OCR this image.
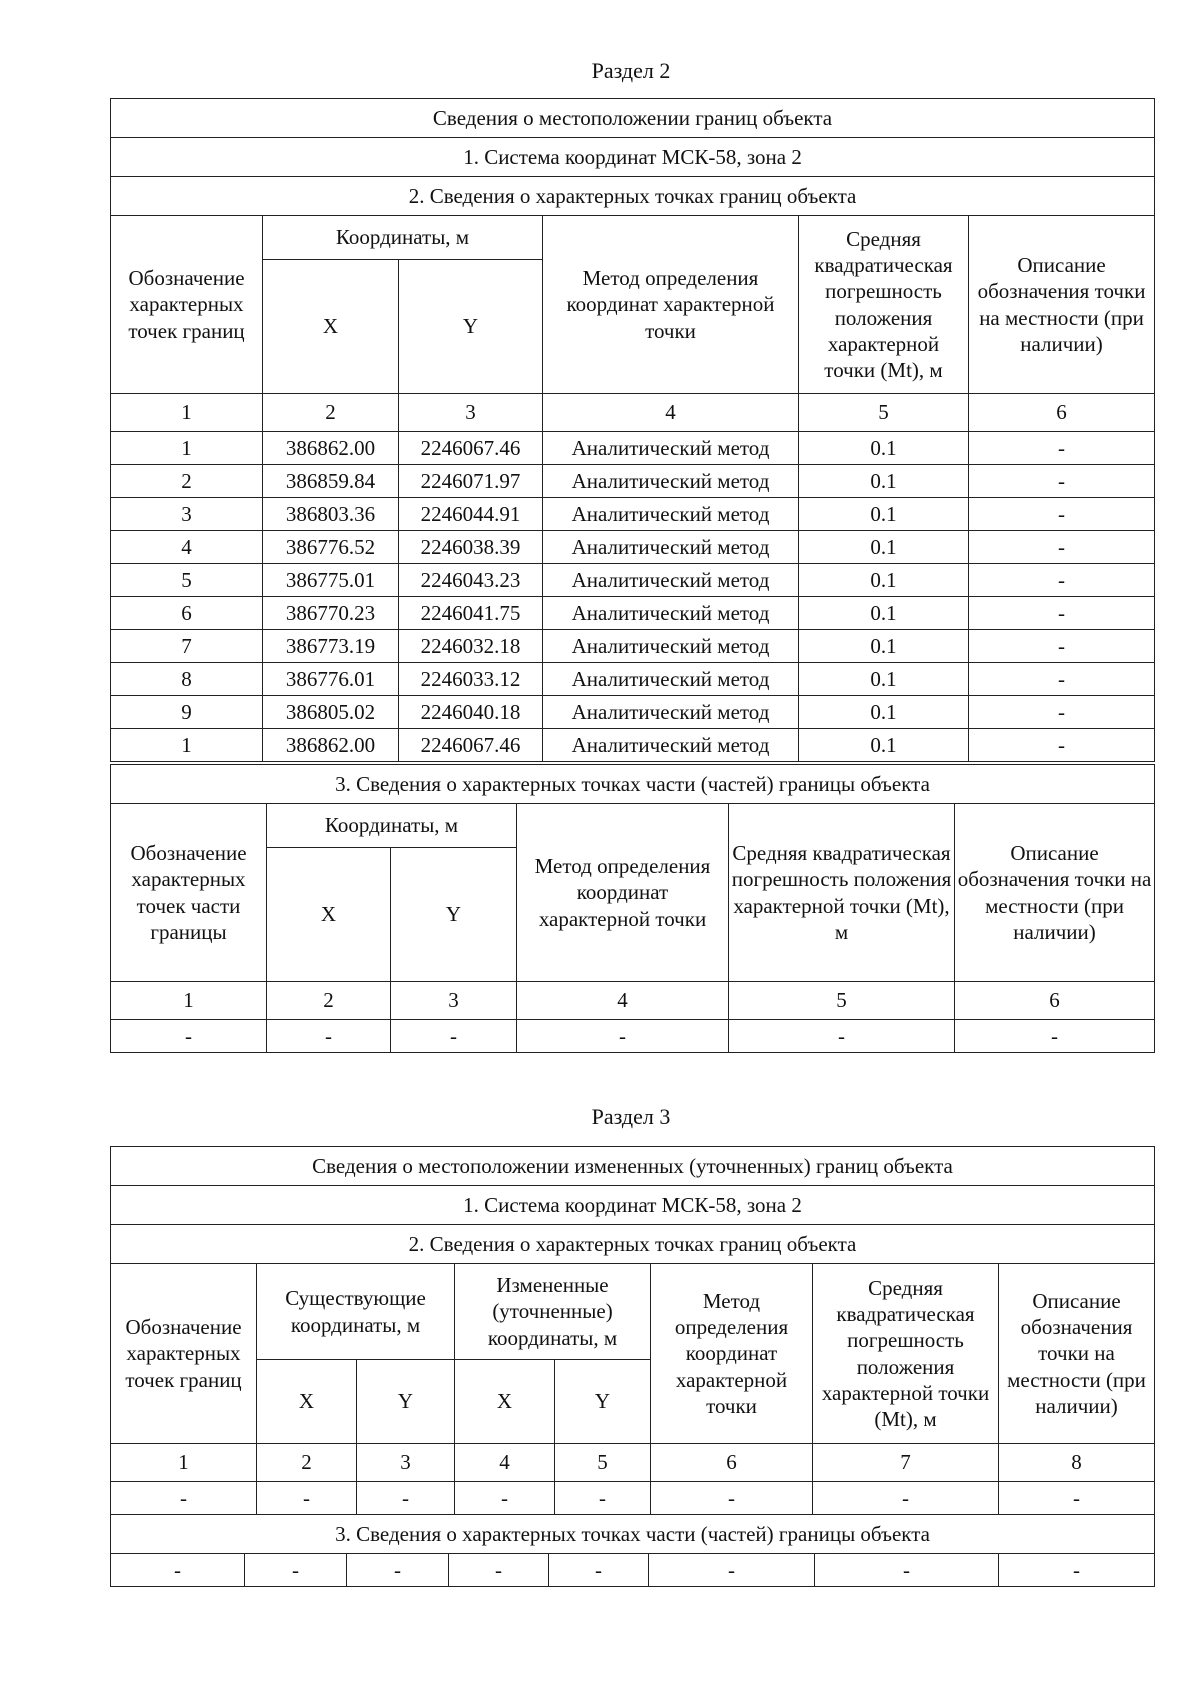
Раздел 2
Сведения о местоположении границ объекта					
1. Система координат МСК-58, зона 2					
2. Сведения о характерных точках границ объекта					
Обозначение характерных точек границ	Координаты, м		Метод определения координат характерной точки	Средняя квадратическая погрешность положения характерной точки (Mt), м	Описание обозначения точки на местности (при наличии)
	X	Y			
1	2	3	4	5	6
1	386862.00	2246067.46	Аналитический метод	0.1	-
2	386859.84	2246071.97	Аналитический метод	0.1	-
3	386803.36	2246044.91	Аналитический метод	0.1	-
4	386776.52	2246038.39	Аналитический метод	0.1	-
5	386775.01	2246043.23	Аналитический метод	0.1	-
6	386770.23	2246041.75	Аналитический метод	0.1	-
7	386773.19	2246032.18	Аналитический метод	0.1	-
8	386776.01	2246033.12	Аналитический метод	0.1	-
9	386805.02	2246040.18	Аналитический метод	0.1	-
1	386862.00	2246067.46	Аналитический метод	0.1	-
3. Сведения о характерных точках части (частей) границы объекта					
Обозначение характерных точек части границы	Координаты, м		Метод определения координат характерной точки	Средняя квадратическая погрешность положения характерной точки (Mt), м	Описание обозначения точки на местности (при наличии)
	X	Y			
1	2	3	4	5	6
-	-	-	-	-	-
Раздел 3
Сведения о местоположении измененных (уточненных) границ объекта							
1. Система координат МСК-58, зона 2							
2. Сведения о характерных точках границ объекта							
Обозначение характерных точек границ	Существующие координаты, м		Измененные (уточненные) координаты, м		Метод определения координат характерной точки	Средняя квадратическая погрешность положения характерной точки (Mt), м	Описание обозначения точки на местности (при наличии)
	X	Y	X	Y			
1	2	3	4	5	6	7	8
-	-	-	-	-	-	-	-
3. Сведения о характерных точках части (частей) границы объекта
-	-	-	-	-	-	-	-
